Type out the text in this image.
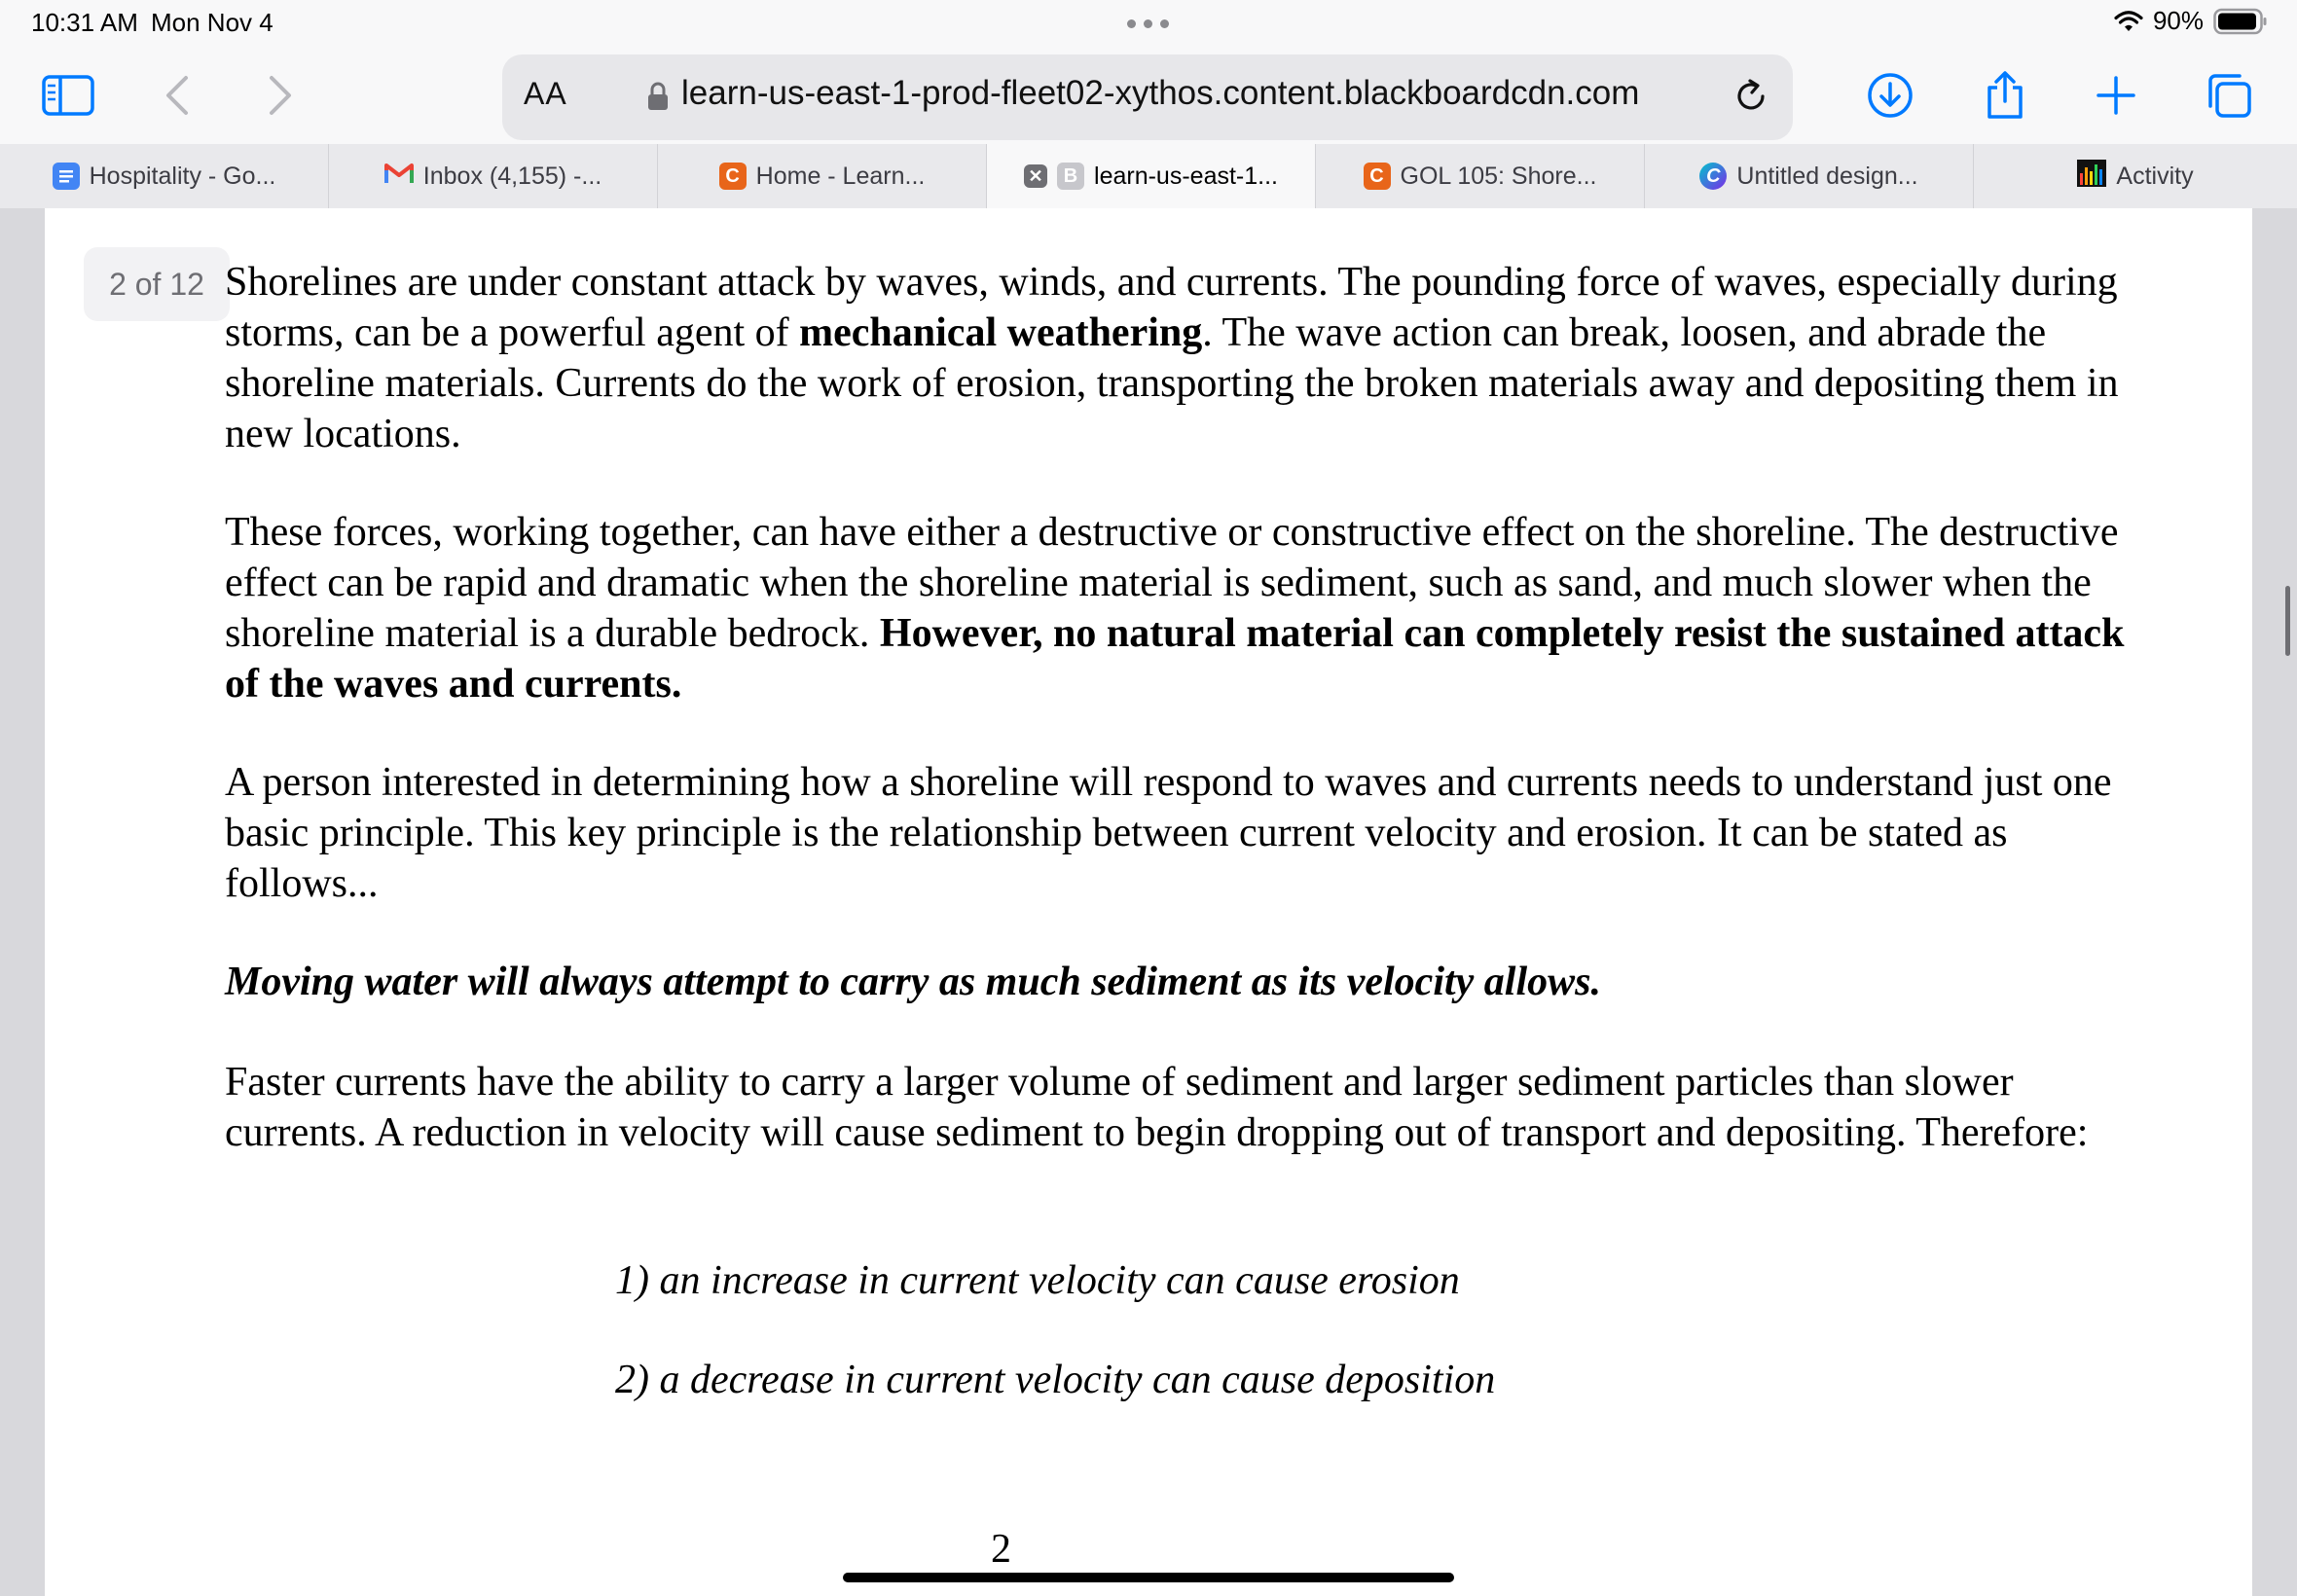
10:31 AM Mon Nov 4	90%
AA	learn-us-east-1-prod-fleet02-xythos.content.blackboardcdn.com
Hospitality - Go...	Inbox (4,155) -...	C Home - Learn...	✕	B learn-us-east-1...	C GOL 105: Shore...	C Untitled design...	Activity
2 of 12 Shorelines are under constant attack by waves, winds, and currents. The pounding force of waves, especially during storms, can be a powerful agent of mechanical weathering. The wave action can break, loosen, and abrade the shoreline materials. Currents do the work of erosion, transporting the broken materials away and depositing them in new locations.

These forces, working together, can have either a destructive or constructive effect on the shoreline. The destructive effect can be rapid and dramatic when the shoreline material is sediment, such as sand, and much slower when the shoreline material is a durable bedrock. However, no natural material can completely resist the sustained attack of the waves and currents.

A person interested in determining how a shoreline will respond to waves and currents needs to understand just one basic principle. This key principle is the relationship between current velocity and erosion. It can be stated as follows...

Moving water will always attempt to carry as much sediment as its velocity allows.

Faster currents have the ability to carry a larger volume of sediment and larger sediment particles than slower currents. A reduction in velocity will cause sediment to begin dropping out of transport and depositing. Therefore:

1) an increase in current velocity can cause erosion

2) a decrease in current velocity can cause deposition

2
